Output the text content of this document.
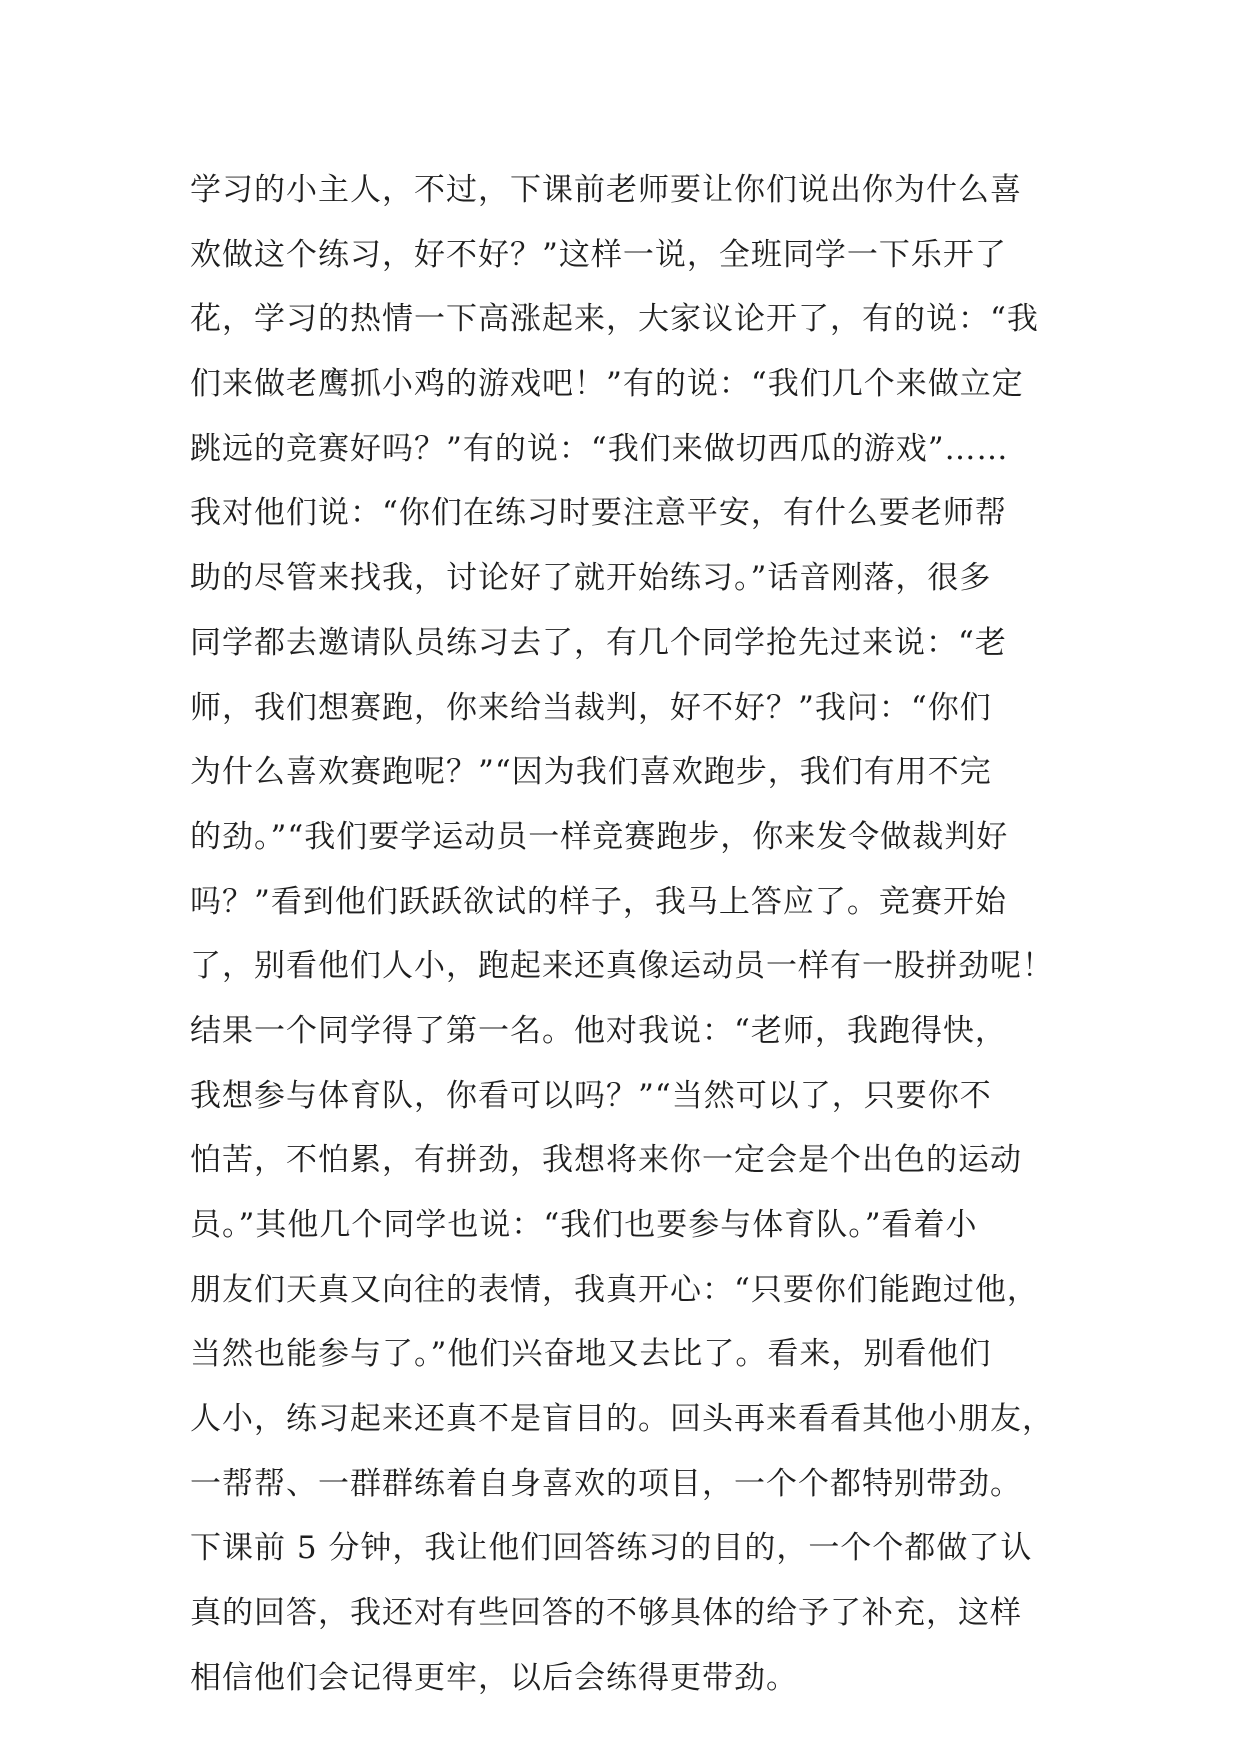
学习的小主人，不过，下课前老师要让你们说出你为什么喜
欢做这个练习，好不好？”这样一说，全班同学一下乐开了
花，学习的热情一下高涨起来，大家议论开了，有的说：“我
们来做老鹰抓小鸡的游戏吧！”有的说：“我们几个来做立定
跳远的竞赛好吗？”有的说：“我们来做切西瓜的游戏”……
我对他们说：“你们在练习时要注意平安，有什么要老师帮
助的尽管来找我，讨论好了就开始练习。”话音刚落，很多
同学都去邀请队员练习去了，有几个同学抢先过来说：“老
师，我们想赛跑，你来给当裁判，好不好？”我问：“你们
为什么喜欢赛跑呢？”“因为我们喜欢跑步，我们有用不完
的劲。”“我们要学运动员一样竞赛跑步，你来发令做裁判好
吗？”看到他们跃跃欲试的样子，我马上答应了。竞赛开始
了，别看他们人小，跑起来还真像运动员一样有一股拼劲呢！
结果一个同学得了第一名。他对我说：“老师，我跑得快，
我想参与体育队，你看可以吗？”“当然可以了，只要你不
怕苦，不怕累，有拼劲，我想将来你一定会是个出色的运动
员。”其他几个同学也说：“我们也要参与体育队。”看着小
朋友们天真又向往的表情，我真开心：“只要你们能跑过他，
当然也能参与了。”他们兴奋地又去比了。看来，别看他们
人小，练习起来还真不是盲目的。回头再来看看其他小朋友，
一帮帮、一群群练着自身喜欢的项目，一个个都特别带劲。
下课前 5 分钟，我让他们回答练习的目的，一个个都做了认
真的回答，我还对有些回答的不够具体的给予了补充，这样
相信他们会记得更牢，以后会练得更带劲。
